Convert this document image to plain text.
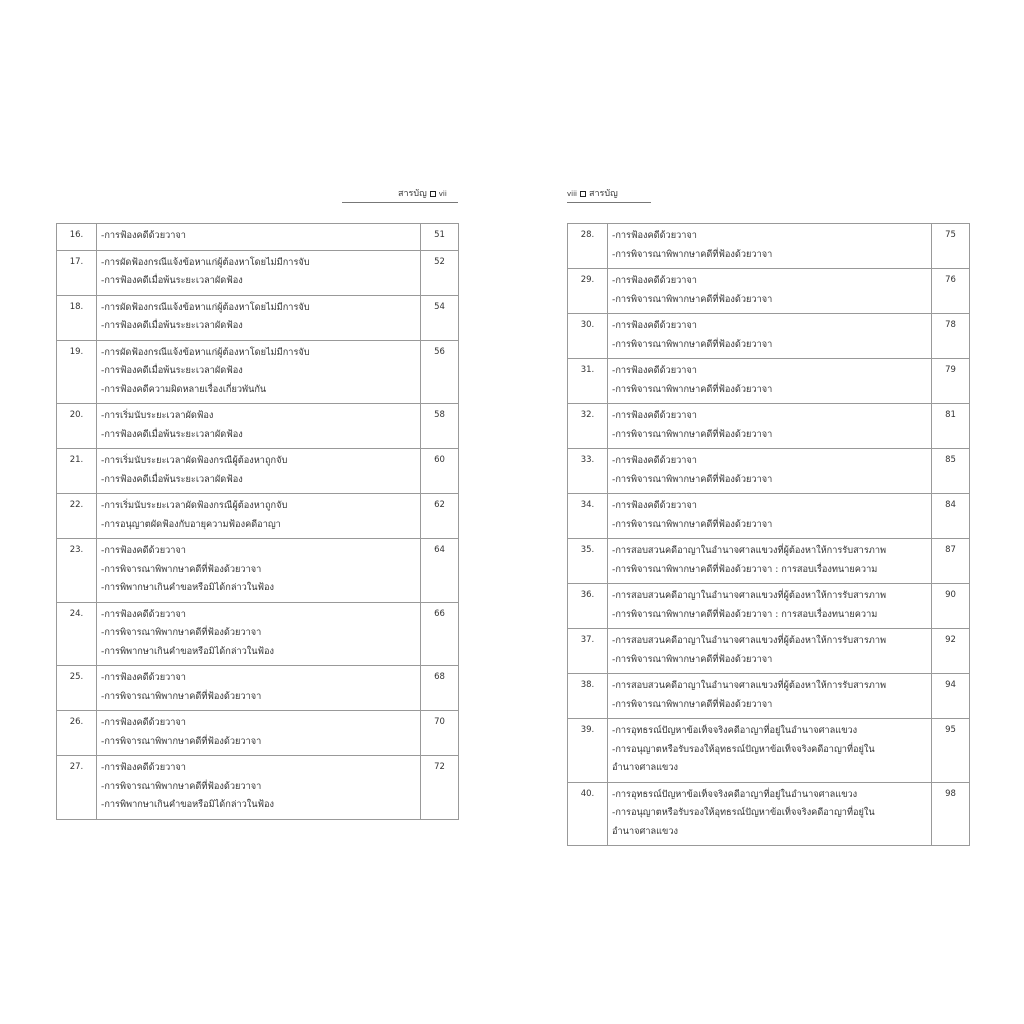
สารบัญ vii
16.	-การฟ้องคดีด้วยวาจา	51
17.	-การผัดฟ้องกรณีแจ้งข้อหาแก่ผู้ต้องหาโดยไม่มีการจับ
-การฟ้องคดีเมื่อพ้นระยะเวลาผัดฟ้อง	52
18.	-การผัดฟ้องกรณีแจ้งข้อหาแก่ผู้ต้องหาโดยไม่มีการจับ
-การฟ้องคดีเมื่อพ้นระยะเวลาผัดฟ้อง	54
19.	-การผัดฟ้องกรณีแจ้งข้อหาแก่ผู้ต้องหาโดยไม่มีการจับ
-การฟ้องคดีเมื่อพ้นระยะเวลาผัดฟ้อง
-การฟ้องคดีความผิดหลายเรื่องเกี่ยวพันกัน	56
20.	-การเริ่มนับระยะเวลาผัดฟ้อง
-การฟ้องคดีเมื่อพ้นระยะเวลาผัดฟ้อง	58
21.	-การเริ่มนับระยะเวลาผัดฟ้องกรณีผู้ต้องหาถูกจับ
-การฟ้องคดีเมื่อพ้นระยะเวลาผัดฟ้อง	60
22.	-การเริ่มนับระยะเวลาผัดฟ้องกรณีผู้ต้องหาถูกจับ
-การอนุญาตผัดฟ้องกับอายุความฟ้องคดีอาญา	62
23.	-การฟ้องคดีด้วยวาจา
-การพิจารณาพิพากษาคดีที่ฟ้องด้วยวาจา
-การพิพากษาเกินคำขอหรือมิได้กล่าวในฟ้อง	64
24.	-การฟ้องคดีด้วยวาจา
-การพิจารณาพิพากษาคดีที่ฟ้องด้วยวาจา
-การพิพากษาเกินคำขอหรือมิได้กล่าวในฟ้อง	66
25.	-การฟ้องคดีด้วยวาจา
-การพิจารณาพิพากษาคดีที่ฟ้องด้วยวาจา	68
26.	-การฟ้องคดีด้วยวาจา
-การพิจารณาพิพากษาคดีที่ฟ้องด้วยวาจา	70
27.	-การฟ้องคดีด้วยวาจา
-การพิจารณาพิพากษาคดีที่ฟ้องด้วยวาจา
-การพิพากษาเกินคำขอหรือมิได้กล่าวในฟ้อง	72
viii สารบัญ
28.	-การฟ้องคดีด้วยวาจา
-การพิจารณาพิพากษาคดีที่ฟ้องด้วยวาจา	75
29.	-การฟ้องคดีด้วยวาจา
-การพิจารณาพิพากษาคดีที่ฟ้องด้วยวาจา	76
30.	-การฟ้องคดีด้วยวาจา
-การพิจารณาพิพากษาคดีที่ฟ้องด้วยวาจา	78
31.	-การฟ้องคดีด้วยวาจา
-การพิจารณาพิพากษาคดีที่ฟ้องด้วยวาจา	79
32.	-การฟ้องคดีด้วยวาจา
-การพิจารณาพิพากษาคดีที่ฟ้องด้วยวาจา	81
33.	-การฟ้องคดีด้วยวาจา
-การพิจารณาพิพากษาคดีที่ฟ้องด้วยวาจา	85
34.	-การฟ้องคดีด้วยวาจา
-การพิจารณาพิพากษาคดีที่ฟ้องด้วยวาจา	84
35.	-การสอบสวนคดีอาญาในอำนาจศาลแขวงที่ผู้ต้องหาให้การรับสารภาพ
-การพิจารณาพิพากษาคดีที่ฟ้องด้วยวาจา : การสอบเรื่องทนายความ	87
36.	-การสอบสวนคดีอาญาในอำนาจศาลแขวงที่ผู้ต้องหาให้การรับสารภาพ
-การพิจารณาพิพากษาคดีที่ฟ้องด้วยวาจา : การสอบเรื่องทนายความ	90
37.	-การสอบสวนคดีอาญาในอำนาจศาลแขวงที่ผู้ต้องหาให้การรับสารภาพ
-การพิจารณาพิพากษาคดีที่ฟ้องด้วยวาจา	92
38.	-การสอบสวนคดีอาญาในอำนาจศาลแขวงที่ผู้ต้องหาให้การรับสารภาพ
-การพิจารณาพิพากษาคดีที่ฟ้องด้วยวาจา	94
39.	-การอุทธรณ์ปัญหาข้อเท็จจริงคดีอาญาที่อยู่ในอำนาจศาลแขวง
-การอนุญาตหรือรับรองให้อุทธรณ์ปัญหาข้อเท็จจริงคดีอาญาที่อยู่ใน
อำนาจศาลแขวง	95
40.	-การอุทธรณ์ปัญหาข้อเท็จจริงคดีอาญาที่อยู่ในอำนาจศาลแขวง
-การอนุญาตหรือรับรองให้อุทธรณ์ปัญหาข้อเท็จจริงคดีอาญาที่อยู่ใน
อำนาจศาลแขวง	98
